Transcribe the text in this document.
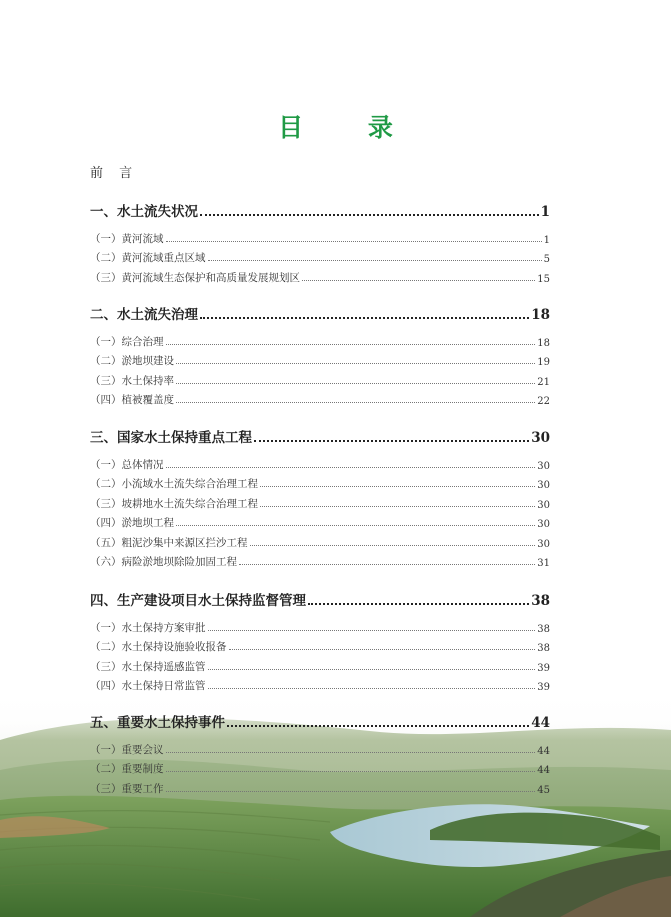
目 录
前 言
一、水土流失状况	1
（一）黄河流域	1
（二）黄河流域重点区域	5
（三）黄河流域生态保护和高质量发展规划区	15
二、水土流失治理	18
（一）综合治理	18
（二）淤地坝建设	19
（三）水土保持率	21
（四）植被覆盖度	22
三、国家水土保持重点工程	30
（一）总体情况	30
（二）小流域水土流失综合治理工程	30
（三）坡耕地水土流失综合治理工程	30
（四）淤地坝工程	30
（五）粗泥沙集中来源区拦沙工程	30
（六）病险淤地坝除险加固工程	31
四、生产建设项目水土保持监督管理	38
（一）水土保持方案审批	38
（二）水土保持设施验收报备	38
（三）水土保持遥感监管	39
（四）水土保持日常监管	39
五、重要水土保持事件	44
（一）重要会议	44
（二）重要制度	44
（三）重要工作	45
